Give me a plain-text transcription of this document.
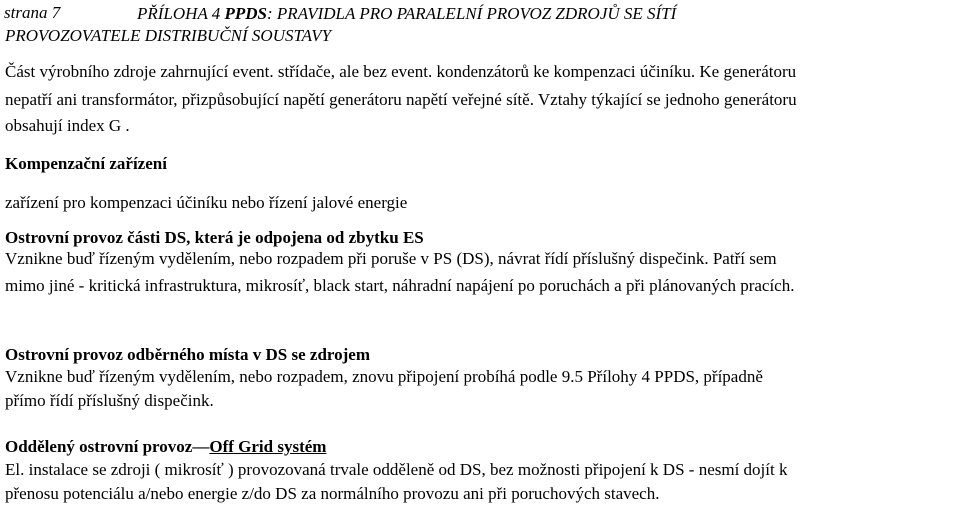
strana 7	PŘÍLOHA 4 PPDS: PRAVIDLA PRO PARALELNÍ PROVOZ ZDROJŮ SE SÍTÍ
PROVOZOVATELE DISTRIBUČNÍ SOUSTAVY
Část výrobního zdroje zahrnující event. střídače, ale bez event. kondenzátorů ke kompenzaci účiníku. Ke generátoru
nepatří ani transformátor, přizpůsobující napětí generátoru napětí veřejné sítě. Vztahy týkající se jednoho generátoru
obsahují index G .
Kompenzační zařízení
zařízení pro kompenzaci účiníku nebo řízení jalové energie
Ostrovní provoz části DS, která je odpojena od zbytku ES
Vznikne buď řízeným vydělením, nebo rozpadem při poruše v PS (DS), návrat řídí příslušný dispečink. Patří sem
mimo jiné - kritická infrastruktura, mikrosíť, black start, náhradní napájení po poruchách a při plánovaných pracích.
Ostrovní provoz odběrného místa v DS se zdrojem
Vznikne buď řízeným vydělením, nebo rozpadem, znovu připojení probíhá podle 9.5 Přílohy 4 PPDS, případně
přímo řídí příslušný dispečink.
Oddělený ostrovní provoz—Off Grid systém
El. instalace se zdroji ( mikrosíť ) provozovaná trvale odděleně od DS, bez možnosti připojení k DS - nesmí dojít k
přenosu potenciálu a/nebo energie z/do DS za normálního provozu ani při poruchových stavech.
